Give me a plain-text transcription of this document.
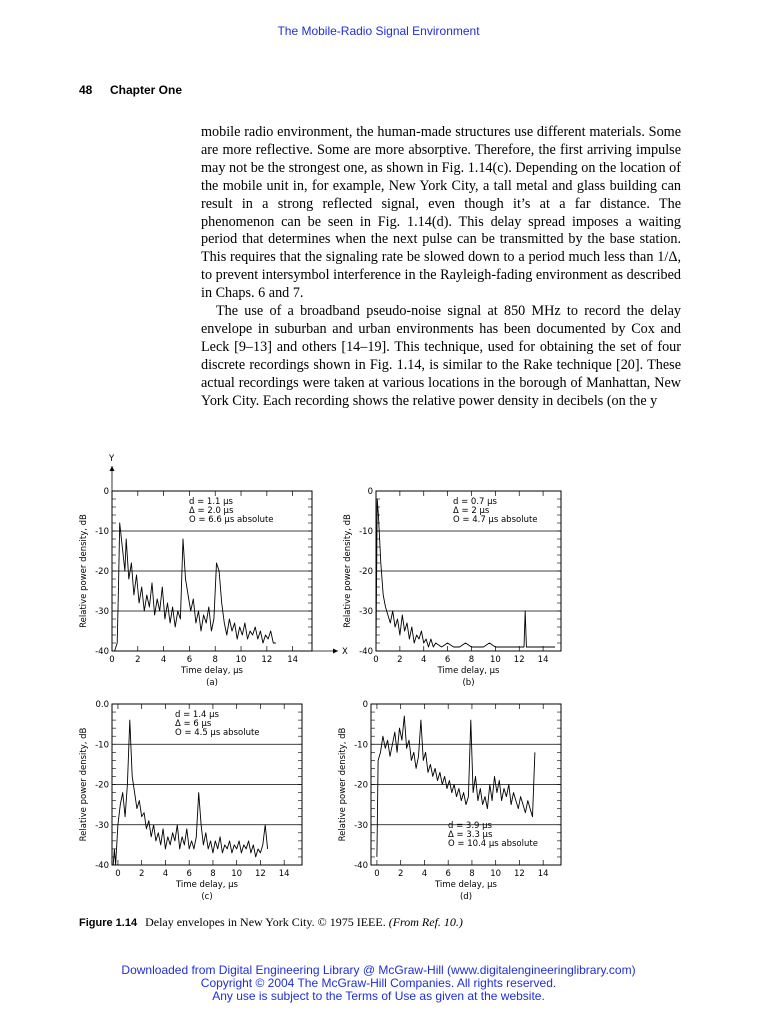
The Mobile-Radio Signal Environment
48 Chapter One

mobile radio environment, the human-made structures use different materials. Some are more reflective. Some are more absorptive. Therefore, the first arriving impulse may not be the strongest one, as shown in Fig. 1.14(c). Depending on the location of the mobile unit in, for example, New York City, a tall metal and glass building can result in a strong reflected signal, even though it’s at a far distance. The phenomenon can be seen in Fig. 1.14(d). This delay spread imposes a waiting period that determines when the next pulse can be transmitted by the base station. This requires that the signaling rate be slowed down to a period much less than 1/Δ, to prevent intersymbol interference in the Rayleigh-fading environment as described in Chaps. 6 and 7.

The use of a broadband pseudo-noise signal at 850 MHz to record the delay envelope in suburban and urban environments has been documented by Cox and Leck [9–13] and others [14–19]. This technique, used for obtaining the set of four discrete recordings shown in Fig. 1.14, is similar to the Rake technique [20]. These actual recordings were taken at various locations in the borough of Manhattan, New York City. Each recording shows the relative power density in decibels (on the y

0
-10
-20
-30
-40
0 2 4 6 8 10 12 14
Time delay, μs
(a)
Relative power density, dB
d = 1.1 μs
Δ = 2.0 μs
O = 6.6 μs absolute
X
Y
0
-10
-20
-30
-40
0 2 4 6 8 10 12 14
Time delay, μs
(b)
Relative power density, dB
d = 0.7 μs
Δ = 2 μs
O = 4.7 μs absolute
0.0
-10
-20
-30
-40
0 2 4 6 8 10 12 14
Time delay, μs
(c)
Relative power density, dB
d = 1.4 μs
Δ = 6 μs
O = 4.5 μs absolute
0
-10
-20
-30
-40
0 2 4 6 8 10 12 14
Time delay, μs
(d)
Relative power density, dB	d = 3.9 μs
Δ = 3.3 μs
O = 10.4 μs absolute
Figure 1.14 Delay envelopes in New York City. © 1975 IEEE. (From Ref. 10.)
Downloaded from Digital Engineering Library @ McGraw-Hill (www.digitalengineeringlibrary.com)
Copyright © 2004 The McGraw-Hill Companies. All rights reserved.
Any use is subject to the Terms of Use as given at the website.
